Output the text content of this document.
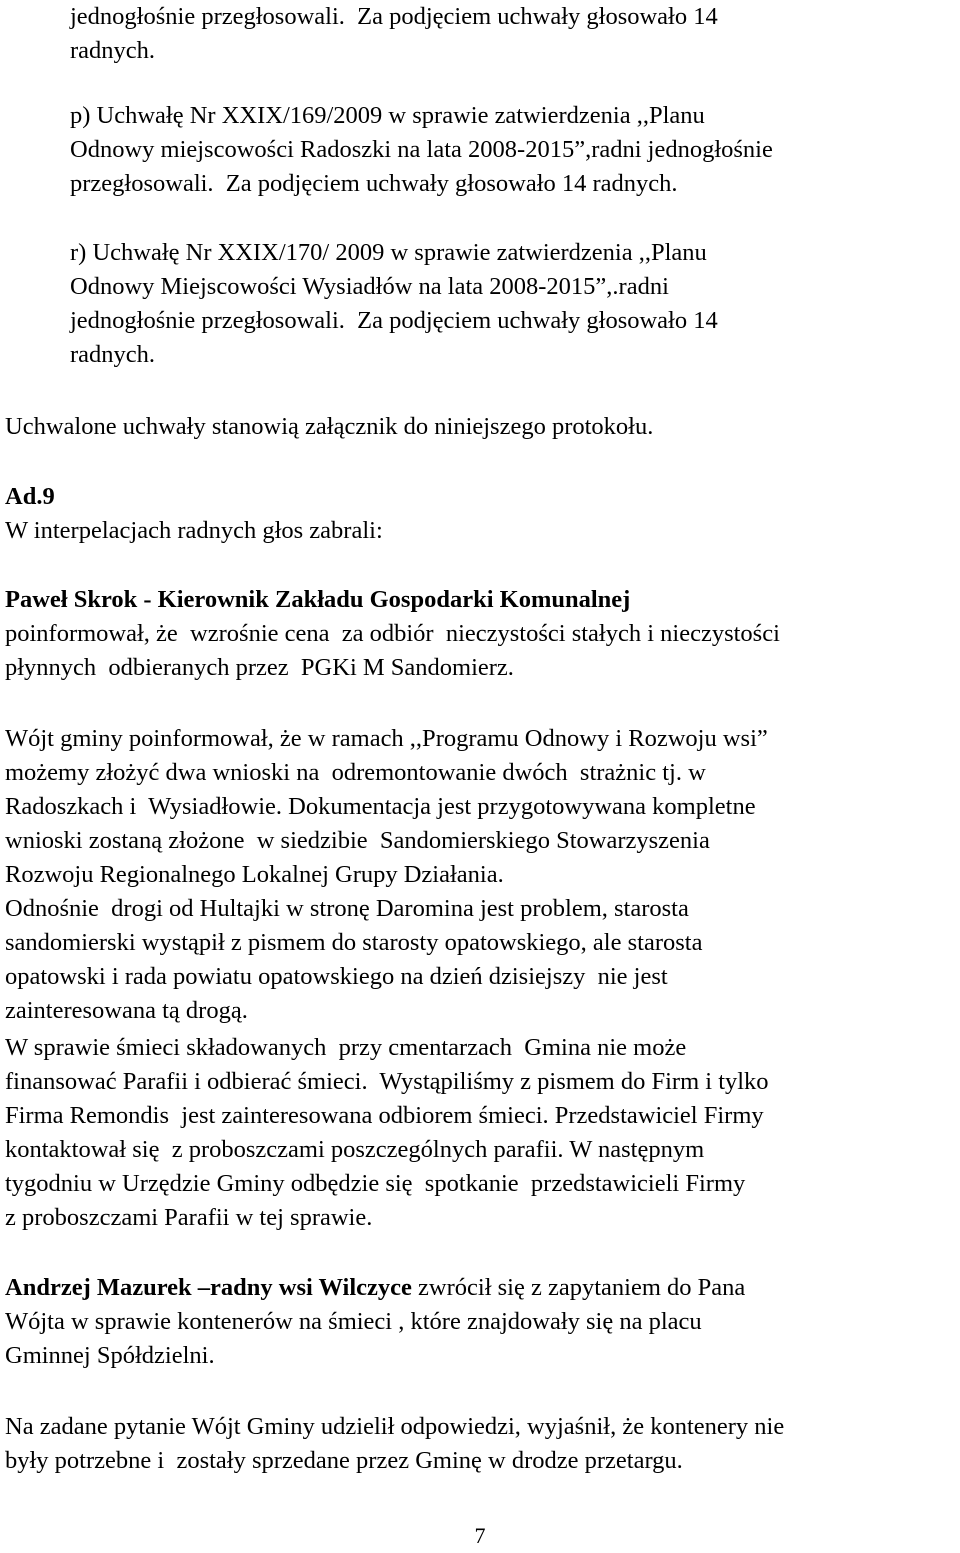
jednogłośnie przegłosowali.  Za podjęciem uchwały głosowało 14

radnych.

p) Uchwałę Nr XXIX/169/2009 w sprawie zatwierdzenia ,,Planu

Odnowy miejscowości Radoszki na lata 2008-2015”,radni jednogłośnie

przegłosowali.  Za podjęciem uchwały głosowało 14 radnych.

r) Uchwałę Nr XXIX/170/ 2009 w sprawie zatwierdzenia ,,Planu

Odnowy Miejscowości Wysiadłów na lata 2008-2015”,.radni

jednogłośnie przegłosowali.  Za podjęciem uchwały głosowało 14

radnych.

Uchwalone uchwały stanowią załącznik do niniejszego protokołu.

Ad.9

W interpelacjach radnych głos zabrali:

Paweł Skrok - Kierownik Zakładu Gospodarki Komunalnej

poinformował, że  wzrośnie cena  za odbiór  nieczystości stałych i nieczystości

płynnych  odbieranych przez  PGKi M Sandomierz.

Wójt gminy poinformował, że w ramach ,,Programu Odnowy i Rozwoju wsi”

możemy złożyć dwa wnioski na  odremontowanie dwóch  strażnic tj. w

Radoszkach i  Wysiadłowie. Dokumentacja jest przygotowywana kompletne

wnioski zostaną złożone  w siedzibie  Sandomierskiego Stowarzyszenia

Rozwoju Regionalnego Lokalnej Grupy Działania.

Odnośnie  drogi od Hultajki w stronę Daromina jest problem, starosta

sandomierski wystąpił z pismem do starosty opatowskiego, ale starosta

opatowski i rada powiatu opatowskiego na dzień dzisiejszy  nie jest

zainteresowana tą drogą.

W sprawie śmieci składowanych  przy cmentarzach  Gmina nie może

finansować Parafii i odbierać śmieci.  Wystąpiliśmy z pismem do Firm i tylko

Firma Remondis  jest zainteresowana odbiorem śmieci. Przedstawiciel Firmy

kontaktował się  z proboszczami poszczególnych parafii. W następnym

tygodniu w Urzędzie Gminy odbędzie się  spotkanie  przedstawicieli Firmy

z proboszczami Parafii w tej sprawie.

Andrzej Mazurek –radny wsi Wilczyce zwrócił się z zapytaniem do Pana

Wójta w sprawie kontenerów na śmieci , które znajdowały się na placu

Gminnej Spółdzielni.

Na zadane pytanie Wójt Gminy udzielił odpowiedzi, wyjaśnił, że kontenery nie

były potrzebne i  zostały sprzedane przez Gminę w drodze przetargu.

7
